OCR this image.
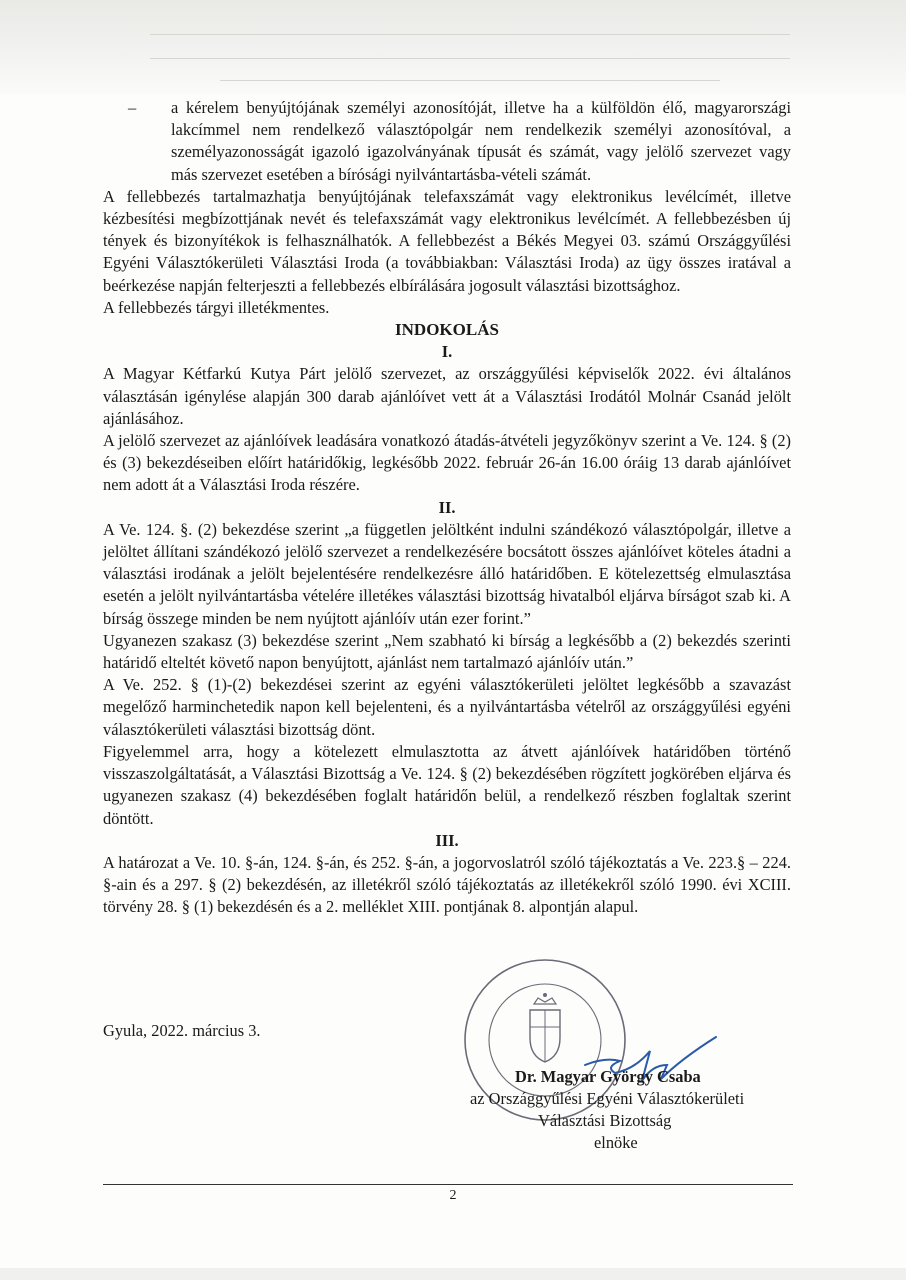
– a kérelem benyújtójának személyi azonosítóját, illetve ha a külföldön élő, magyarországi lakcímmel nem rendelkező választópolgár nem rendelkezik személyi azonosítóval, a személyazonosságát igazoló igazolványának típusát és számát, vagy jelölő szervezet vagy más szervezet esetében a bírósági nyilvántartásba-vételi számát.

A fellebbezés tartalmazhatja benyújtójának telefaxszámát vagy elektronikus levélcímét, illetve kézbesítési megbízottjának nevét és telefaxszámát vagy elektronikus levélcímét. A fellebbezésben új tények és bizonyítékok is felhasználhatók. A fellebbezést a Békés Megyei 03. számú Országgyűlési Egyéni Választókerületi Választási Iroda (a továbbiakban: Választási Iroda) az ügy összes iratával a beérkezése napján felterjeszti a fellebbezés elbírálására jogosult választási bizottsághoz.

A fellebbezés tárgyi illetékmentes.

INDOKOLÁS

I.

A Magyar Kétfarkú Kutya Párt jelölő szervezet, az országgyűlési képviselők 2022. évi általános választásán igénylése alapján 300 darab ajánlóívet vett át a Választási Irodától Molnár Csanád jelölt ajánlásához.

A jelölő szervezet az ajánlóívek leadására vonatkozó átadás-átvételi jegyzőkönyv szerint a Ve. 124. § (2) és (3) bekezdéseiben előírt határidőkig, legkésőbb 2022. február 26-án 16.00 óráig 13 darab ajánlóívet nem adott át a Választási Iroda részére.

II.

A Ve. 124. §. (2) bekezdése szerint „a független jelöltként indulni szándékozó választópolgár, illetve a jelöltet állítani szándékozó jelölő szervezet a rendelkezésére bocsátott összes ajánlóívet köteles átadni a választási irodának a jelölt bejelentésére rendelkezésre álló határidőben. E kötelezettség elmulasztása esetén a jelölt nyilvántartásba vételére illetékes választási bizottság hivatalból eljárva bírságot szab ki. A bírság összege minden be nem nyújtott ajánlóív után ezer forint.”

Ugyanezen szakasz (3) bekezdése szerint „Nem szabható ki bírság a legkésőbb a (2) bekezdés szerinti határidő elteltét követő napon benyújtott, ajánlást nem tartalmazó ajánlóív után.”

A Ve. 252. § (1)-(2) bekezdései szerint az egyéni választókerületi jelöltet legkésőbb a szavazást megelőző harminchetedik napon kell bejelenteni, és a nyilvántartásba vételről az országgyűlési egyéni választókerületi választási bizottság dönt.

Figyelemmel arra, hogy a kötelezett elmulasztotta az átvett ajánlóívek határidőben történő visszaszolgáltatását, a Választási Bizottság a Ve. 124. § (2) bekezdésében rögzített jogkörében eljárva és ugyanezen szakasz (4) bekezdésében foglalt határidőn belül, a rendelkező részben foglaltak szerint döntött.

III.

A határozat a Ve. 10. §-án, 124. §-án, és 252. §-án, a jogorvoslatról szóló tájékoztatás a Ve. 223.§ – 224. §-ain és a 297. § (2) bekezdésén, az illetékről szóló tájékoztatás az illetékekről szóló 1990. évi XCIII. törvény 28. § (1) bekezdésén és a 2. melléklet XIII. pontjának 8. alpontján alapul.

Gyula, 2022. március 3.
Dr. Magyar György Csaba
az Országgyűlési Egyéni Választókerületi
Választási Bizottság
elnöke
2
